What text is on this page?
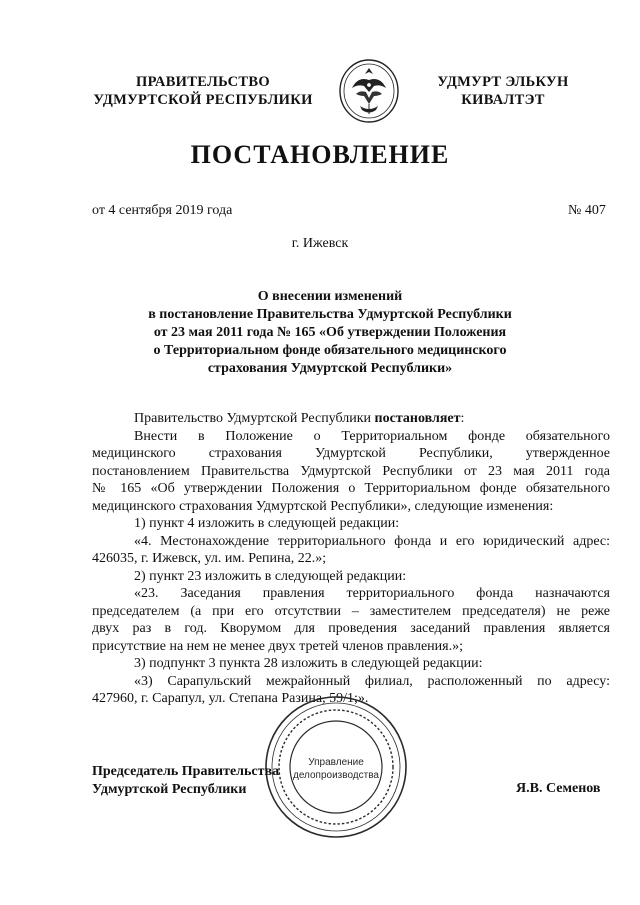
ПРАВИТЕЛЬСТВО
УДМУРТСКОЙ РЕСПУБЛИКИ
УДМУРТ ЭЛЬКУН
КИВАЛТЭТ
ПОСТАНОВЛЕНИЕ
от 4 сентября 2019 года	№ 407
г. Ижевск
О внесении изменений
в постановление Правительства Удмуртской Республики
от 23 мая 2011 года № 165 «Об утверждении Положения
о Территориальном фонде обязательного медицинского
страхования Удмуртской Республики»
Правительство Удмуртской Республики постановляет:
Внести в Положение о Территориальном фонде обязательного
медицинского страхования Удмуртской Республики, утвержденное
постановлением Правительства Удмуртской Республики от 23 мая 2011 года
№ 165 «Об утверждении Положения о Территориальном фонде обязательного
медицинского страхования Удмуртской Республики», следующие изменения:
1) пункт 4 изложить в следующей редакции:
«4. Местонахождение территориального фонда и его юридический адрес:
426035, г. Ижевск, ул. им. Репина, 22.»;
2) пункт 23 изложить в следующей редакции:
«23. Заседания правления территориального фонда назначаются
председателем (а при его отсутствии – заместителем председателя) не реже
двух раз в год. Кворумом для проведения заседаний правления является
присутствие на нем не менее двух третей членов правления.»;
3) подпункт 3 пункта 28 изложить в следующей редакции:
«3) Сарапульский межрайонный филиал, расположенный по адресу:
427960, г. Сарапул, ул. Степана Разина, 59/1;».
Управление
делопроизводства
Председатель Правительства
Удмуртской Республики	Я.В. Семенов
